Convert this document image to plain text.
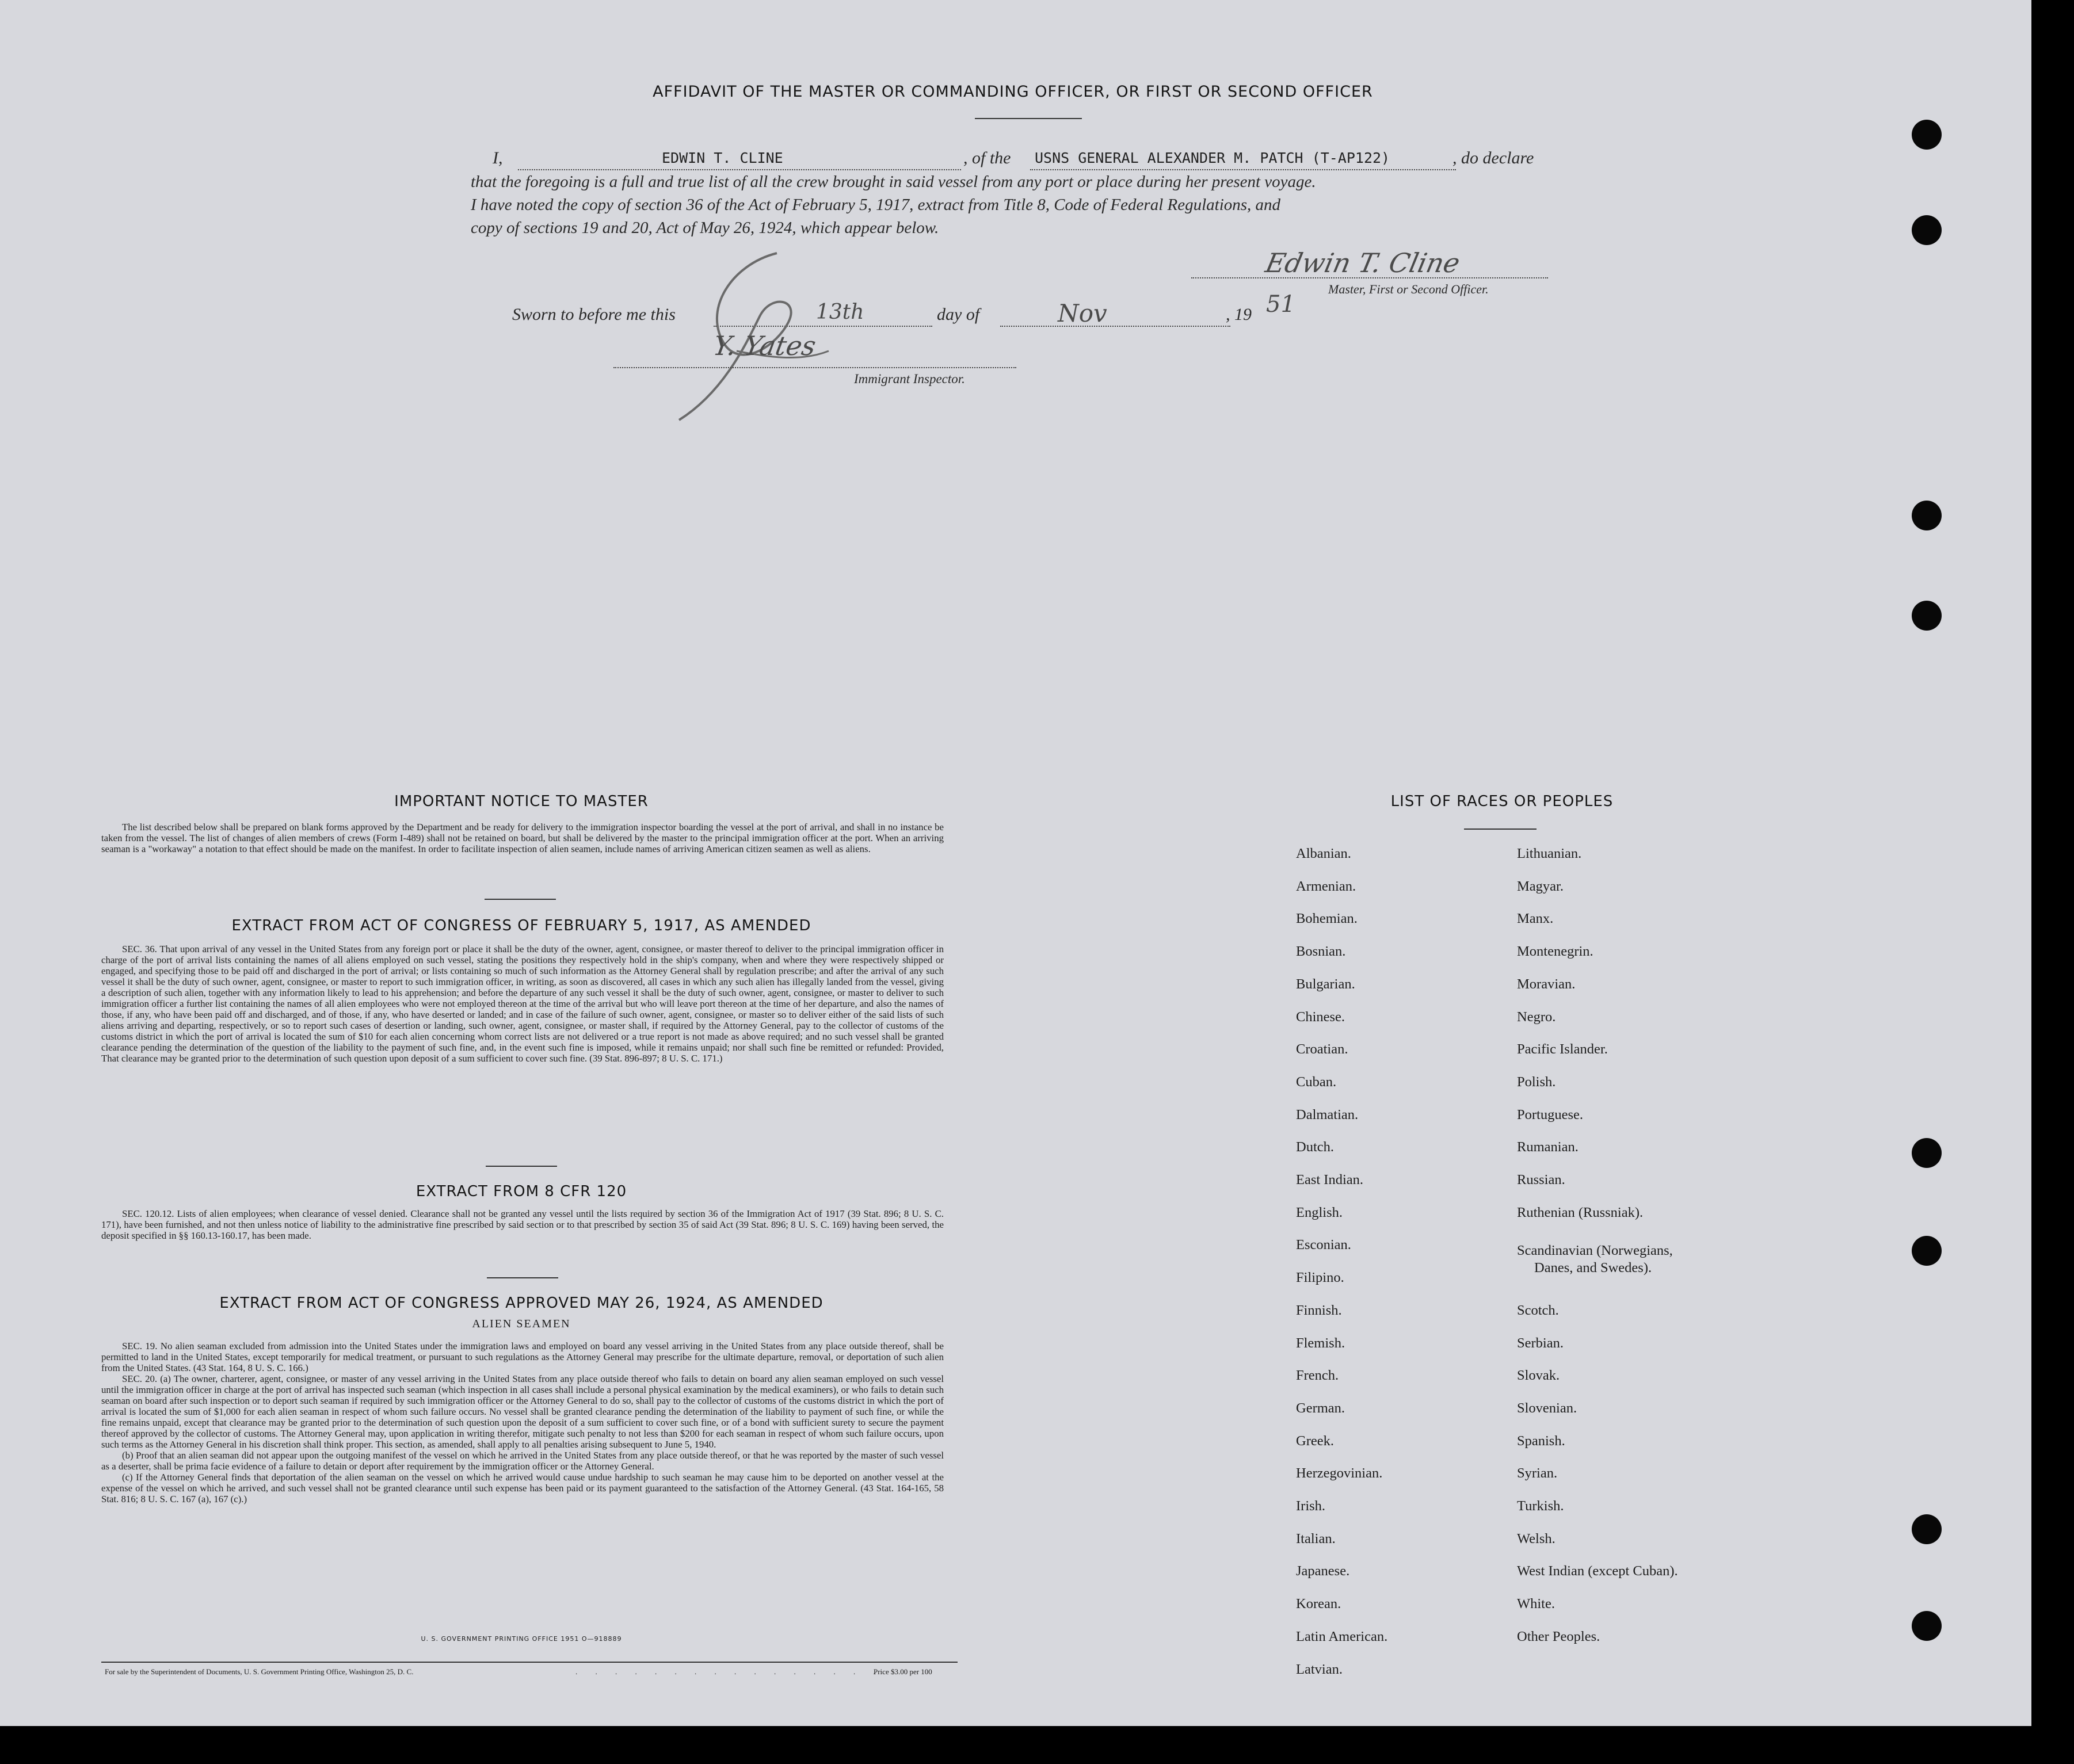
AFFIDAVIT OF THE MASTER OR COMMANDING OFFICER, OR FIRST OR SECOND OFFICER
I,	EDWIN T. CLINE	, of the USNS GENERAL ALEXANDER M. PATCH (T-AP122)	, do declare
that the foregoing is a full and true list of all the crew brought in said vessel from any port or place during her present voyage.
I have noted the copy of section 36 of the Act of February 5, 1917, extract from Title 8, Code of Federal Regulations, and
copy of sections 19 and 20, Act of May 26, 1924, which appear below.
Edwin T. Cline
Master, First or Second Officer.
Sworn to before me this	13th	day of	Nov	, 19 51
Y. Yates
Immigrant Inspector.
IMPORTANT NOTICE TO MASTER
The list described below shall be prepared on blank forms approved by the Department and be ready for delivery to the immigration inspector boarding the vessel at the port of arrival, and shall in no instance be taken from the vessel. The list of changes of alien members of crews (Form I-489) shall not be retained on board, but shall be delivered by the master to the principal immigration officer at the port. When an arriving seaman is a "workaway" a notation to that effect should be made on the manifest. In order to facilitate inspection of alien seamen, include names of arriving American citizen seamen as well as aliens.
EXTRACT FROM ACT OF CONGRESS OF FEBRUARY 5, 1917, AS AMENDED
SEC. 36. That upon arrival of any vessel in the United States from any foreign port or place it shall be the duty of the owner, agent, consignee, or master thereof to deliver to the principal immigration officer in charge of the port of arrival lists containing the names of all aliens employed on such vessel, stating the positions they respectively hold in the ship's company, when and where they were respectively shipped or engaged, and specifying those to be paid off and discharged in the port of arrival; or lists containing so much of such information as the Attorney General shall by regulation prescribe; and after the arrival of any such vessel it shall be the duty of such owner, agent, consignee, or master to report to such immigration officer, in writing, as soon as discovered, all cases in which any such alien has illegally landed from the vessel, giving a description of such alien, together with any information likely to lead to his apprehension; and before the departure of any such vessel it shall be the duty of such owner, agent, consignee, or master to deliver to such immigration officer a further list containing the names of all alien employees who were not employed thereon at the time of the arrival but who will leave port thereon at the time of her departure, and also the names of those, if any, who have been paid off and discharged, and of those, if any, who have deserted or landed; and in case of the failure of such owner, agent, consignee, or master so to deliver either of the said lists of such aliens arriving and departing, respectively, or so to report such cases of desertion or landing, such owner, agent, consignee, or master shall, if required by the Attorney General, pay to the collector of customs of the customs district in which the port of arrival is located the sum of $10 for each alien concerning whom correct lists are not delivered or a true report is not made as above required; and no such vessel shall be granted clearance pending the determination of the question of the liability to the payment of such fine, and, in the event such fine is imposed, while it remains unpaid; nor shall such fine be remitted or refunded: Provided, That clearance may be granted prior to the determination of such question upon deposit of a sum sufficient to cover such fine. (39 Stat. 896-897; 8 U. S. C. 171.)
EXTRACT FROM 8 CFR 120
SEC. 120.12. Lists of alien employees; when clearance of vessel denied. Clearance shall not be granted any vessel until the lists required by section 36 of the Immigration Act of 1917 (39 Stat. 896; 8 U. S. C. 171), have been furnished, and not then unless notice of liability to the administrative fine prescribed by said section or to that prescribed by section 35 of said Act (39 Stat. 896; 8 U. S. C. 169) having been served, the deposit specified in §§ 160.13-160.17, has been made.
EXTRACT FROM ACT OF CONGRESS APPROVED MAY 26, 1924, AS AMENDED
ALIEN SEAMEN
SEC. 19. No alien seaman excluded from admission into the United States under the immigration laws and employed on board any vessel arriving in the United States from any place outside thereof, shall be permitted to land in the United States, except temporarily for medical treatment, or pursuant to such regulations as the Attorney General may prescribe for the ultimate departure, removal, or deportation of such alien from the United States. (43 Stat. 164, 8 U. S. C. 166.)
SEC. 20. (a) The owner, charterer, agent, consignee, or master of any vessel arriving in the United States from any place outside thereof who fails to detain on board any alien seaman employed on such vessel until the immigration officer in charge at the port of arrival has inspected such seaman (which inspection in all cases shall include a personal physical examination by the medical examiners), or who fails to detain such seaman on board after such inspection or to deport such seaman if required by such immigration officer or the Attorney General to do so, shall pay to the collector of customs of the customs district in which the port of arrival is located the sum of $1,000 for each alien seaman in respect of whom such failure occurs. No vessel shall be granted clearance pending the determination of the liability to payment of such fine, or while the fine remains unpaid, except that clearance may be granted prior to the determination of such question upon the deposit of a sum sufficient to cover such fine, or of a bond with sufficient surety to secure the payment thereof approved by the collector of customs. The Attorney General may, upon application in writing therefor, mitigate such penalty to not less than $200 for each seaman in respect of whom such failure occurs, upon such terms as the Attorney General in his discretion shall think proper. This section, as amended, shall apply to all penalties arising subsequent to June 5, 1940.
(b) Proof that an alien seaman did not appear upon the outgoing manifest of the vessel on which he arrived in the United States from any place outside thereof, or that he was reported by the master of such vessel as a deserter, shall be prima facie evidence of a failure to detain or deport after requirement by the immigration officer or the Attorney General.
(c) If the Attorney General finds that deportation of the alien seaman on the vessel on which he arrived would cause undue hardship to such seaman he may cause him to be deported on another vessel at the expense of the vessel on which he arrived, and such vessel shall not be granted clearance until such expense has been paid or its payment guaranteed to the satisfaction of the Attorney General. (43 Stat. 164-165, 58 Stat. 816; 8 U. S. C. 167 (a), 167 (c).)
U. S. GOVERNMENT PRINTING OFFICE 1951 O—918889
For sale by the Superintendent of Documents, U. S. Government Printing Office, Washington 25, D. C.	. . . . . . . . . . . . . . . .
Price $3.00 per 100
LIST OF RACES OR PEOPLES
Albanian.
Armenian.
Bohemian.
Bosnian.
Bulgarian.
Chinese.
Croatian.
Cuban.
Dalmatian.
Dutch.
East Indian.
English.
Esconian.
Filipino.
Finnish.
Flemish.
French.
German.
Greek.
Herzegovinian.
Irish.
Italian.
Japanese.
Korean.
Latin American.
Latvian.
Lithuanian.
Magyar.
Manx.
Montenegrin.
Moravian.
Negro.
Pacific Islander.
Polish.
Portuguese.
Rumanian.
Russian.
Ruthenian (Russniak).
Scandinavian (Norwegians,
Danes, and Swedes).
Scotch.
Serbian.
Slovak.
Slovenian.
Spanish.
Syrian.
Turkish.
Welsh.
West Indian (except Cuban).
White.
Other Peoples.
